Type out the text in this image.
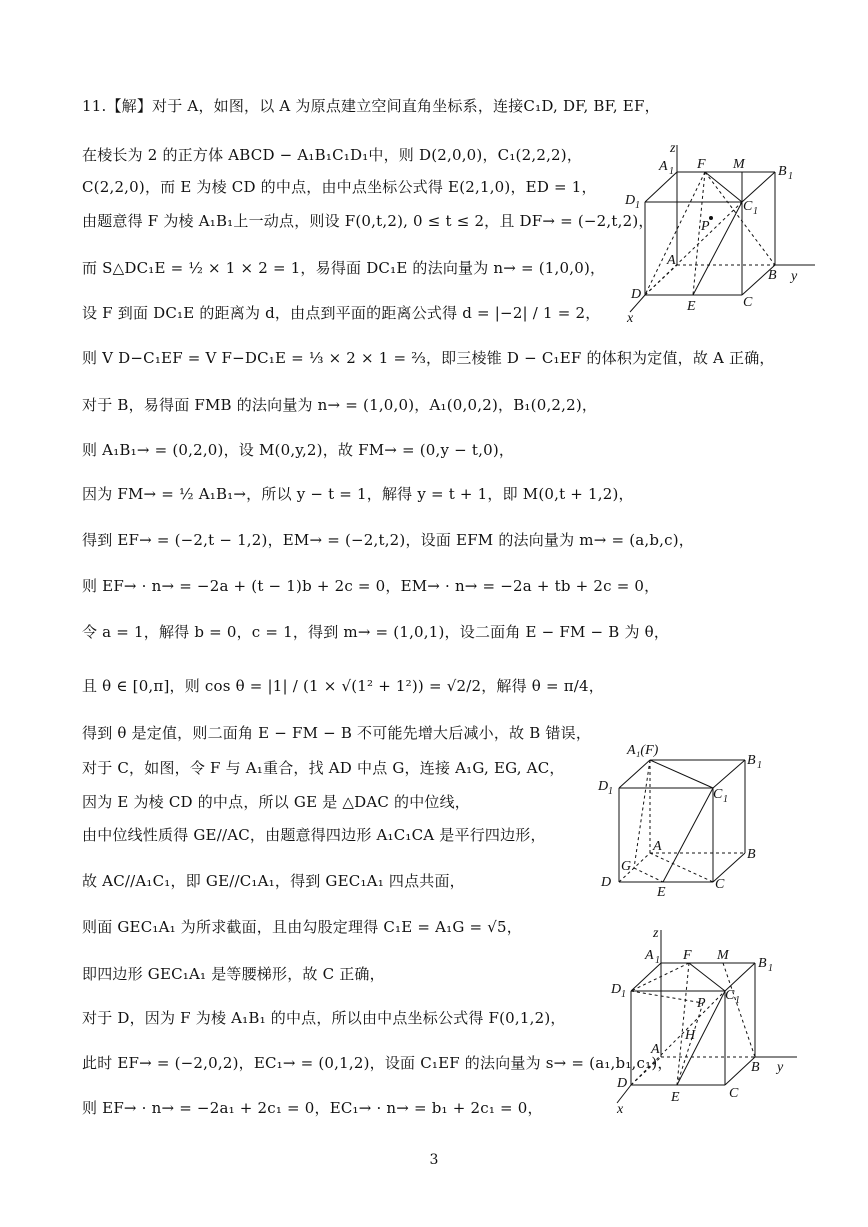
11.【解】对于 A，如图，以 A 为原点建立空间直角坐标系，连接C₁D, DF, BF, EF，
在棱长为 2 的正方体 ABCD − A₁B₁C₁D₁中，则 D(2,0,0)，C₁(2,2,2)，
C(2,2,0)，而 E 为棱 CD 的中点，由中点坐标公式得 E(2,1,0)，ED = 1，
由题意得 F 为棱 A₁B₁上一动点，则设 F(0,t,2), 0 ≤ t ≤ 2，且 DF→ = (−2,t,2)，
而 S△DC₁E = ½ × 1 × 2 = 1，易得面 DC₁E 的法向量为 n→ = (1,0,0)，
设 F 到面 DC₁E 的距离为 d，由点到平面的距离公式得 d = |−2| / 1 = 2，
则 V D−C₁EF = V F−DC₁E = ⅓ × 2 × 1 = ⅔，即三棱锥 D − C₁EF 的体积为定值，故 A 正确，
对于 B，易得面 FMB 的法向量为 n→ = (1,0,0)，A₁(0,0,2)，B₁(0,2,2)，
则 A₁B₁→ = (0,2,0)，设 M(0,y,2)，故 FM→ = (0,y − t,0)，
因为 FM→ = ½ A₁B₁→，所以 y − t = 1，解得 y = t + 1，即 M(0,t + 1,2)，
得到 EF→ = (−2,t − 1,2)，EM→ = (−2,t,2)，设面 EFM 的法向量为 m→ = (a,b,c)，
则 EF→ · n→ = −2a + (t − 1)b + 2c = 0，EM→ · n→ = −2a + tb + 2c = 0，
令 a = 1，解得 b = 0，c = 1，得到 m→ = (1,0,1)，设二面角 E − FM − B 为 θ，
且 θ ∈ [0,π]，则 cos θ = |1| / (1 × √(1² + 1²)) = √2/2，解得 θ = π/4，
得到 θ 是定值，则二面角 E − FM − B 不可能先增大后减小，故 B 错误，
对于 C，如图，令 F 与 A₁重合，找 AD 中点 G，连接 A₁G, EG, AC，
因为 E 为棱 CD 的中点，所以 GE 是 △DAC 的中位线，
由中位线性质得 GE//AC，由题意得四边形 A₁C₁CA 是平行四边形，
故 AC//A₁C₁，即 GE//C₁A₁，得到 GEC₁A₁ 四点共面，
则面 GEC₁A₁ 为所求截面，且由勾股定理得 C₁E = A₁G = √5，
即四边形 GEC₁A₁ 是等腰梯形，故 C 正确，
对于 D，因为 F 为棱 A₁B₁ 的中点，所以由中点坐标公式得 F(0,1,2)，
此时 EF→ = (−2,0,2)，EC₁→ = (0,1,2)，设面 C₁EF 的法向量为 s→ = (a₁,b₁,c₁)，
则 EF→ · n→ = −2a₁ + 2c₁ = 0，EC₁→ · n→ = b₁ + 2c₁ = 0，
z
A 1 F M B 1
D 1	C 1
P
A
B y
D
C
E
x
A₁(F)
B 1
D 1	C 1
A
G
B
D
E
C
z
A 1 F M
B 1
D 1	C 1
P
H
A
B y
D
E	C
x
3
